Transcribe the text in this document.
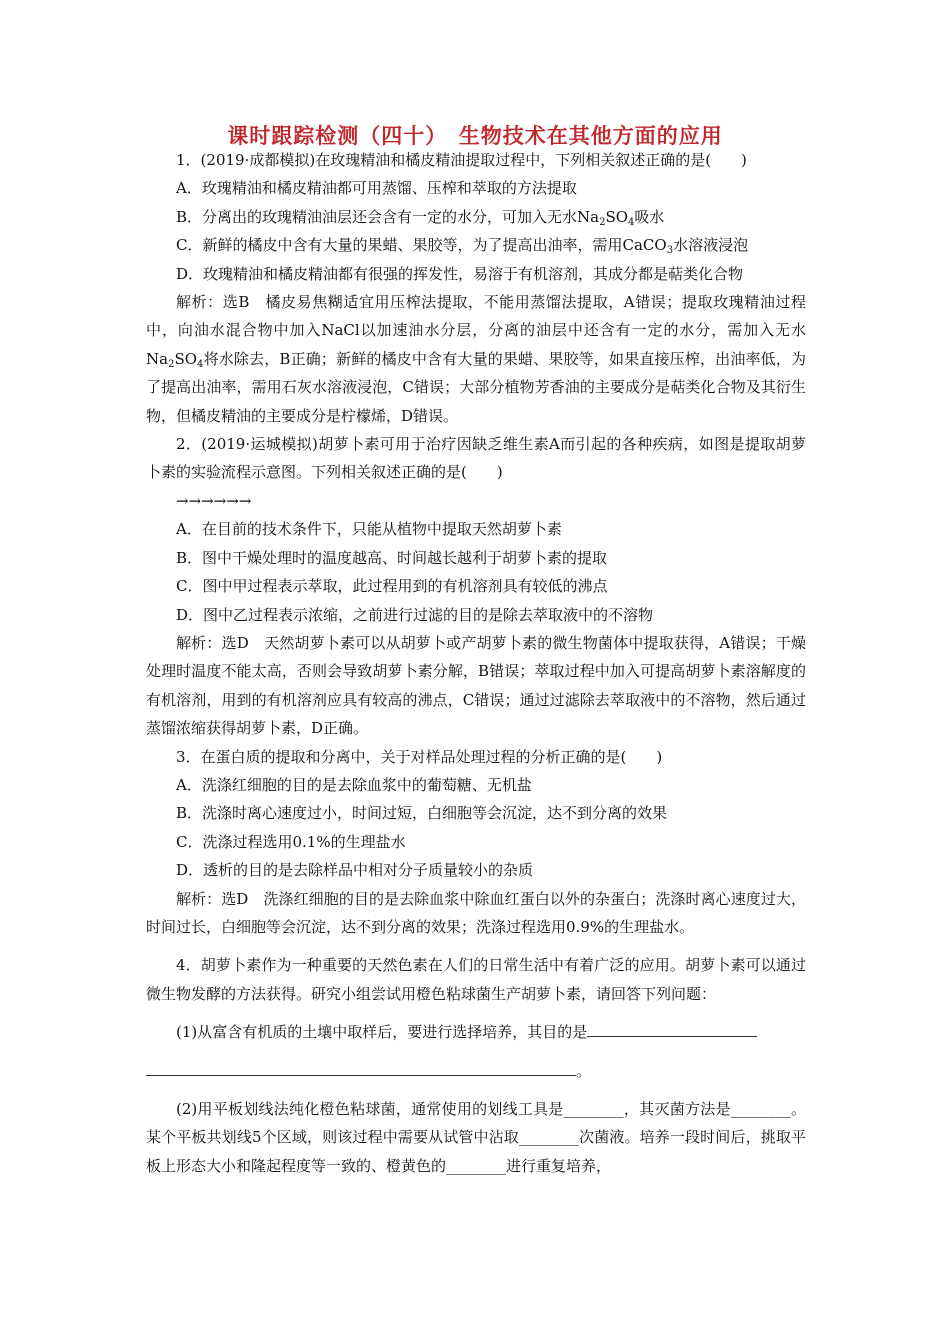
课时跟踪检测（四十）　生物技术在其他方面的应用

1．(2019·成都模拟)在玫瑰精油和橘皮精油提取过程中，下列相关叙述正确的是(　　)

A．玫瑰精油和橘皮精油都可用蒸馏、压榨和萃取的方法提取

B．分离出的玫瑰精油油层还会含有一定的水分，可加入无水$Na_2SO_4$吸水

C．新鲜的橘皮中含有大量的果蜡、果胶等，为了提高出油率，需用CaCO$_3$水溶液浸泡

D．玫瑰精油和橘皮精油都有很强的挥发性，易溶于有机溶剂，其成分都是萜类化合物

解析：选B　橘皮易焦糊适宜用压榨法提取，不能用蒸馏法提取，A错误；提取玫瑰精油过程中，向油水混合物中加入NaCl以加速油水分层，分离的油层中还含有一定的水分，需加入无水$Na_2SO_4$将水除去，B正确；新鲜的橘皮中含有大量的果蜡、果胶等，如果直接压榨，出油率低，为了提高出油率，需用石灰水溶液浸泡，C错误；大部分植物芳香油的主要成分是萜类化合物及其衍生物，但橘皮精油的主要成分是柠檬烯，D错误。

2．(2019·运城模拟)胡萝卜素可用于治疗因缺乏维生素A而引起的各种疾病，如图是提取胡萝卜素的实验流程示意图。下列相关叙述正确的是(　　)

→→→→→→

A．在目前的技术条件下，只能从植物中提取天然胡萝卜素

B．图中干燥处理时的温度越高、时间越长越利于胡萝卜素的提取

C．图中甲过程表示萃取，此过程用到的有机溶剂具有较低的沸点

D．图中乙过程表示浓缩，之前进行过滤的目的是除去萃取液中的不溶物

解析：选D　天然胡萝卜素可以从胡萝卜或产胡萝卜素的微生物菌体中提取获得，A错误；干燥处理时温度不能太高，否则会导致胡萝卜素分解，B错误；萃取过程中加入可提高胡萝卜素溶解度的有机溶剂，用到的有机溶剂应具有较高的沸点，C错误；通过过滤除去萃取液中的不溶物，然后通过蒸馏浓缩获得胡萝卜素，D正确。

3．在蛋白质的提取和分离中，关于对样品处理过程的分析正确的是(　　)

A．洗涤红细胞的目的是去除血浆中的葡萄糖、无机盐

B．洗涤时离心速度过小，时间过短，白细胞等会沉淀，达不到分离的效果

C．洗涤过程选用0.1%的生理盐水

D．透析的目的是去除样品中相对分子质量较小的杂质

解析：选D　洗涤红细胞的目的是去除血浆中除血红蛋白以外的杂蛋白；洗涤时离心速度过大，时间过长，白细胞等会沉淀，达不到分离的效果；洗涤过程选用0.9%的生理盐水。

4．胡萝卜素作为一种重要的天然色素在人们的日常生活中有着广泛的应用。胡萝卜素可以通过微生物发酵的方法获得。研究小组尝试用橙色粘球菌生产胡萝卜素，请回答下列问题：

(1)从富含有机质的土壤中取样后，要进行选择培养，其目的是

。

(2)用平板划线法纯化橙色粘球菌，通常使用的划线工具是________，其灭菌方法是________。某个平板共划线5个区域，则该过程中需要从试管中沾取________次菌液。培养一段时间后，挑取平板上形态大小和隆起程度等一致的、橙黄色的________进行重复培养，
